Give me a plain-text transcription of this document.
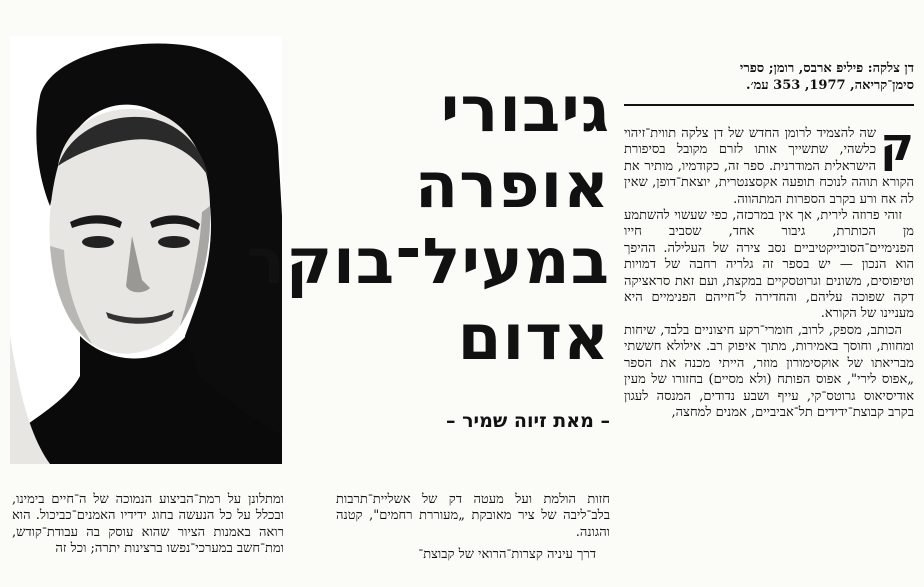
גיבורי אופרה
במעיל־בוקר
אדום
– מאת זיוה שמיר –
דן צלקה: פיליפ ארבס, רומן; ספרי
סימן־קריאה, 1977, 353 עמ׳.
ק

שה להצמיד לרומן החדש של דן צלקה תווית־זיהוי כלשהי, שתשייך אותו לזרם מקובל בסיפורת הישראלית המודרנית. ספר זה, כקודמיו, מותיר את הקורא תוהה לנוכח תופעה אקסצנטרית, יוצאת־דופן, שאין לה אח ורע בקרב הספרות המתהווה.

זוהי פרוזה לירית, אך אין במרכזה, כפי שעשוי להשתמע מן הכותרת, גיבור אחד, שסביב חייו הפנימיים־הסובייקטיביים נסב צירה של העלילה. ההיפך הוא הנכון — יש בספר זה גלריה רחבה של דמויות וטיפוסים, משונים וגרוטסקיים במקצת, ועם זאת סראציקה דקה שפוכה עליהם, והחדירה ל־חייהם הפנימיים היא מעניינו של הקורא.

הכותב, מספק, לרוב, חומרי־רקע חיצוניים בלבד, שיחות ומחוות, וחוסך באמירות, מתוך איפוק רב. אילולא חששתי מבריאתו של אוקסימורון מוזר, הייתי מכנה את הספר „אפוס לירי", אפוס הפותח (ולא מסיים) בחזורו של מעין אודיסיאוס גרוטס־קי, עייף ושבע נדודים, המנסה לעגון בקרב קבוצת־ידידים תל־אביביים, אמנים למחצה,

חזות הולמת ועל מעטה דק של אשליית־תרבות בלב־ליבה של ציר מאובקת „מעוררת רחמים", קטנה והגונה.

דרך עיניה קצרות־הרואי של קבוצת־

ומתלונן על רמת־הביצוע הנמוכה של ה־חיים בימינו, ובכלל על כל הנעשה בחוג ידידיו האמנים־כביכול. הוא רואה באמנות הציור שהוא עוסק בה עבודת־קודש, ומת־חשב במערכי־נפשו ברצינות יתרה; וכל זה
